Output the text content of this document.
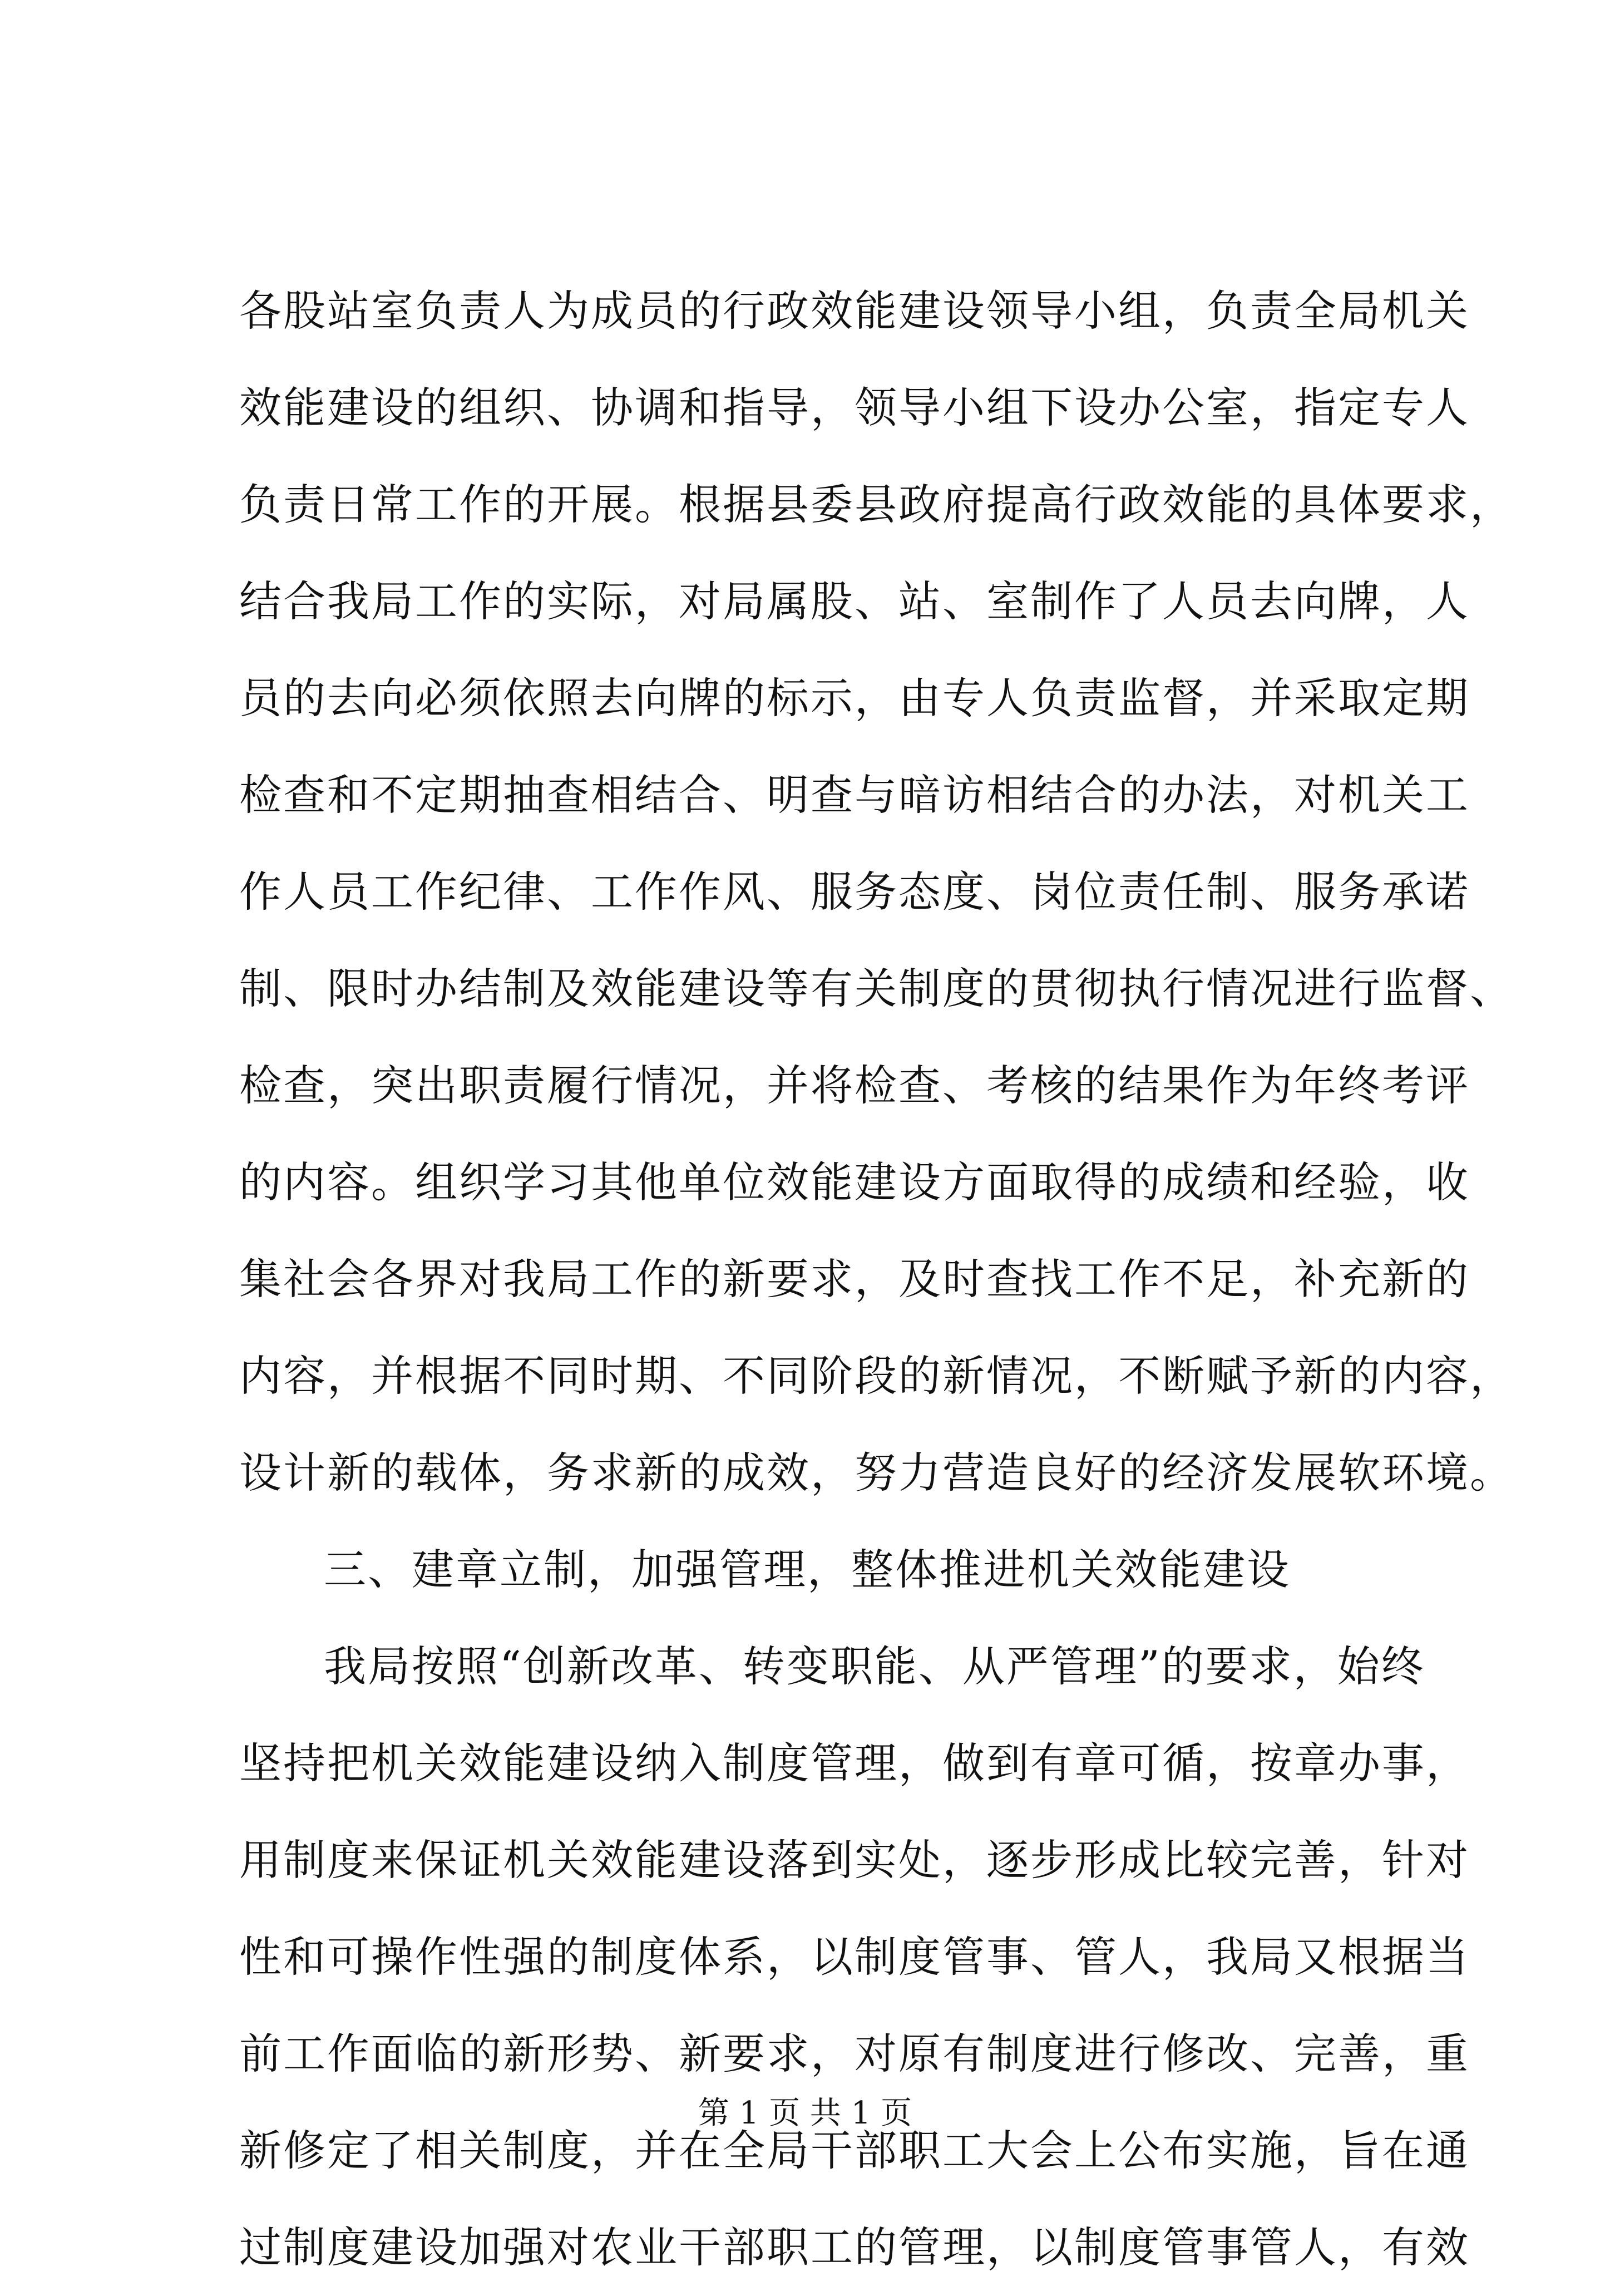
各股站室负责人为成员的行政效能建设领导小组，负责全局机关
效能建设的组织、协调和指导，领导小组下设办公室，指定专人
负责日常工作的开展。根据县委县政府提高行政效能的具体要求，
结合我局工作的实际，对局属股、站、室制作了人员去向牌，人
员的去向必须依照去向牌的标示，由专人负责监督，并采取定期
检查和不定期抽查相结合、明查与暗访相结合的办法，对机关工
作人员工作纪律、工作作风、服务态度、岗位责任制、服务承诺
制、限时办结制及效能建设等有关制度的贯彻执行情况进行监督、
检查，突出职责履行情况，并将检查、考核的结果作为年终考评
的内容。组织学习其他单位效能建设方面取得的成绩和经验，收
集社会各界对我局工作的新要求，及时查找工作不足，补充新的
内容，并根据不同时期、不同阶段的新情况，不断赋予新的内容，
设计新的载体，务求新的成效，努力营造良好的经济发展软环境。
三、建章立制，加强管理，整体推进机关效能建设
我局按照“创新改革、转变职能、从严管理”的要求，始终
坚持把机关效能建设纳入制度管理，做到有章可循，按章办事，
用制度来保证机关效能建设落到实处，逐步形成比较完善，针对
性和可操作性强的制度体系，以制度管事、管人，我局又根据当
前工作面临的新形势、新要求，对原有制度进行修改、完善，重
新修定了相关制度，并在全局干部职工大会上公布实施，旨在通
过制度建设加强对农业干部职工的管理，以制度管事管人，有效
第 1 页 共 1 页
